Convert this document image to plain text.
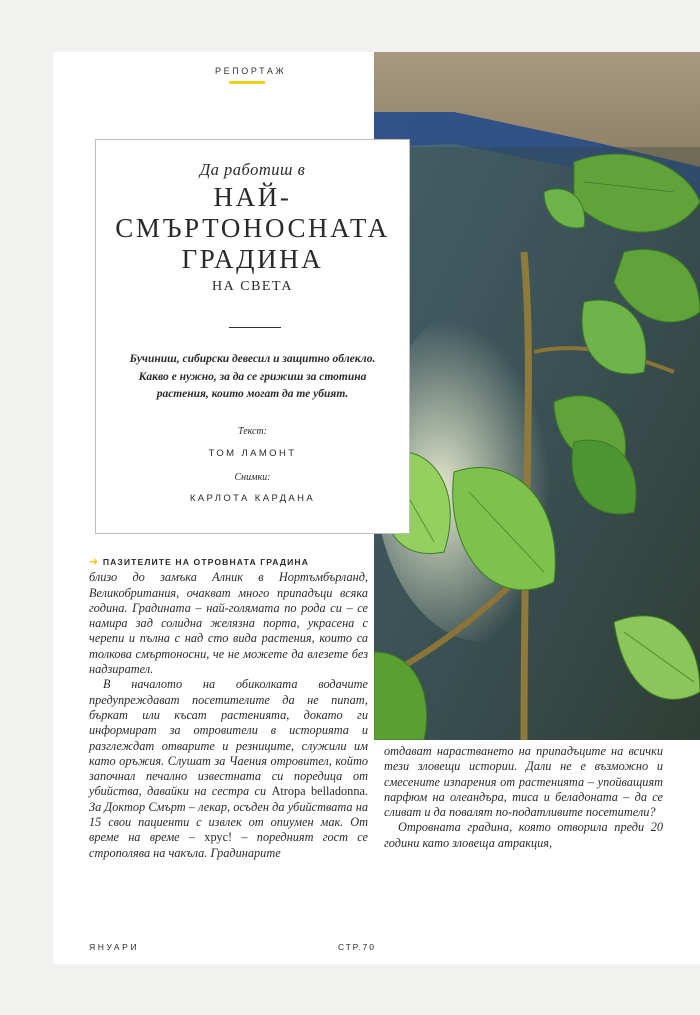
РЕПОРТАЖ
Да работиш в
НАЙ-
СМЪРТОНОСНАТА
ГРАДИНА
НА СВЕТА
Бучиниш, сибирски девесил и защитно облекло. Какво е нужно, за да се грижиш за стотина растения, които могат да те убият.
Текст:
ТОМ ЛАМОНТ
Снимки:
КАРЛОТА КАРДАНА
➜ ПАЗИТЕЛИТЕ НА ОТРОВНАТА ГРАДИНА

близо до замъка Алник в Нортъмбърланд, Великобритания, очакват много припадъци всяка година. Градината – най-голямата по рода си – се намира зад солидна желязна порта, украсена с черепи и пълна с над сто вида растения, които са толкова смъртоносни, че не можете да влезете без надзирател.

В началото на обиколката водачите предупреждават посетителите да не пипат, бъркат или късат растенията, докато ги информират за отровители в историята и разглеждат отварите и резниците, служили им като оръжия. Слушат за Чаения отровител, който започнал печално известната си поредица от убийства, давайки на сестра си Atropa belladonna. За Доктор Смърт – лекар, осъден да убийствата на 15 свои пациенти с извлек от опиумен мак. От време на време – хрус! – поредният гост се строполява на чакъла. Градинарите

отдават нарастването на припадъците на всички тези зловещи истории. Дали не е възможно и смесените изпарения от растенията – упойващият парфюм на олеандъра, тиса и беладоната – да се сливат и да повалят по-податливите посетители?

Отровната градина, която отворила преди 20 години като зловеща атракция,

ЯНУАРИ	СТР.70
